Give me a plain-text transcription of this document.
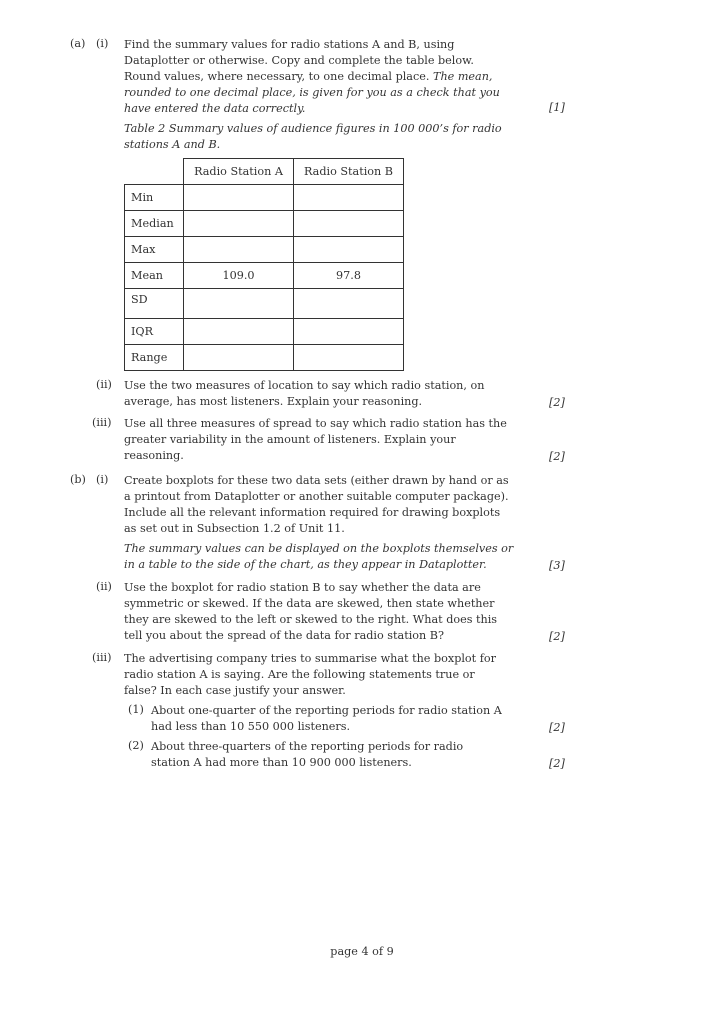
(a) (i) Find the summary values for radio stations A and B, using
Dataplotter or otherwise. Copy and complete the table below.
Round values, where necessary, to one decimal place. The mean,
rounded to one decimal place, is given for you as a check that you
have entered the data correctly.	[1]
Table 2 Summary values of audience figures in 100 000’s for radio
stations A and B.
	Radio Station A	Radio Station B
Min		
Median		
Max		
Mean	109.0	97.8
SD		
IQR		
Range		
(ii) Use the two measures of location to say which radio station, on
average, has most listeners. Explain your reasoning.	[2]
(iii) Use all three measures of spread to say which radio station has the
greater variability in the amount of listeners. Explain your
reasoning.	[2]
(b) (i) Create boxplots for these two data sets (either drawn by hand or as
a printout from Dataplotter or another suitable computer package).
Include all the relevant information required for drawing boxplots
as set out in Subsection 1.2 of Unit 11.
The summary values can be displayed on the boxplots themselves or
in a table to the side of the chart, as they appear in Dataplotter.	[3]
(ii) Use the boxplot for radio station B to say whether the data are
symmetric or skewed. If the data are skewed, then state whether
they are skewed to the left or skewed to the right. What does this
tell you about the spread of the data for radio station B?	[2]
(iii) The advertising company tries to summarise what the boxplot for
radio station A is saying. Are the following statements true or
false? In each case justify your answer.
(1) About one-quarter of the reporting periods for radio station A
had less than 10 550 000 listeners.	[2]
(2) About three-quarters of the reporting periods for radio
station A had more than 10 900 000 listeners.	[2]
page 4 of 9
